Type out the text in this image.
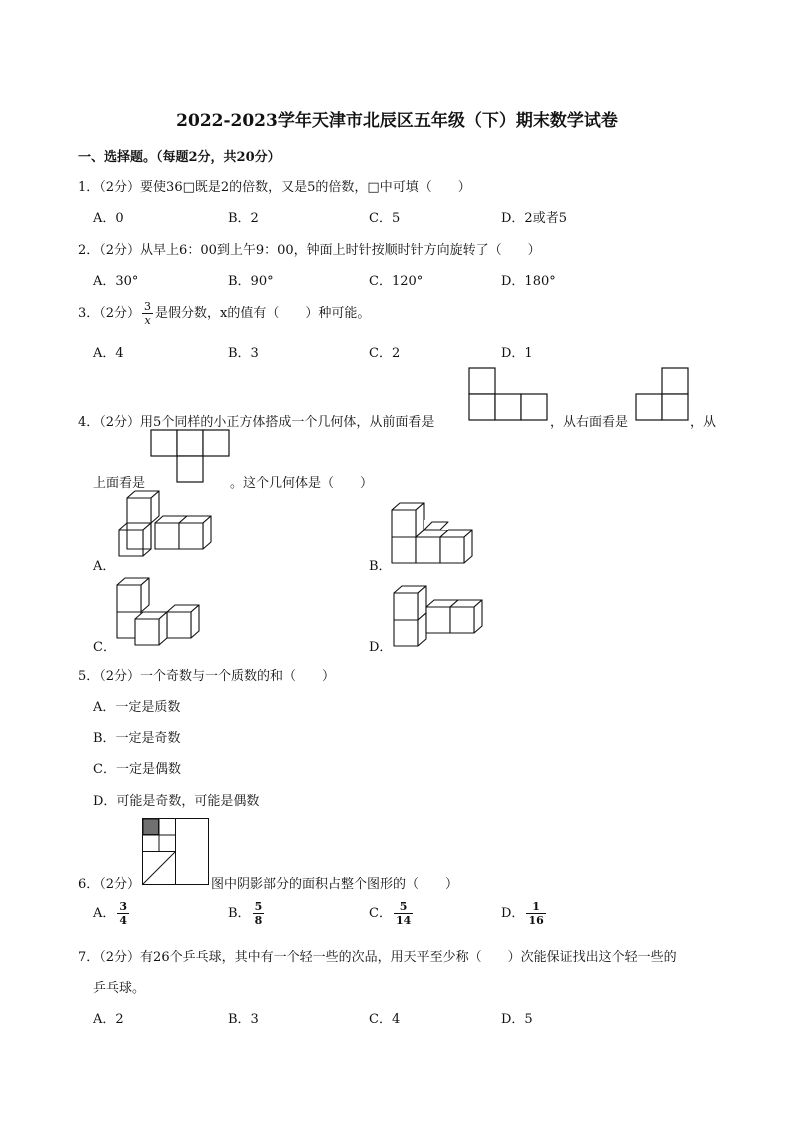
2022-2023学年天津市北辰区五年级（下）期末数学试卷
一、选择题。（每题2分，共20分）
1．（2分）要使36□既是2的倍数，又是5的倍数，□中可填（　　）
A．0	B．2	C．5	D．2或者5
2．（2分）从早上6：00到上午9：00，钟面上时针按顺时针方向旋转了（　　）
A．30°	B．90°	C．120°	D．180°
3．（2分） $\frac{3}{x}$ 是假分数，x的值有（　　）种可能。
A．4	B．3	C．2	D．1
4．（2分）用5个同样的小正方体搭成一个几何体，从前面看是	，从右面看是	，从
上面看是	。这个几何体是（　　）
A．	B．
C．	D．
5．（2分）一个奇数与一个质数的和（　　）
A．一定是质数
B．一定是奇数
C．一定是偶数
D．可能是奇数，可能是偶数
6．（2分）	图中阴影部分的面积占整个图形的（　　）
A． $\frac{3}{4}$	B． $\frac{5}{8}$	C． $\frac{5}{14}$	D． $\frac{1}{16}$
7．（2分）有26个乒乓球，其中有一个轻一些的次品，用天平至少称（　　）次能保证找出这个轻一些的
乒乓球。
A．2	B．3	C．4	D．5
